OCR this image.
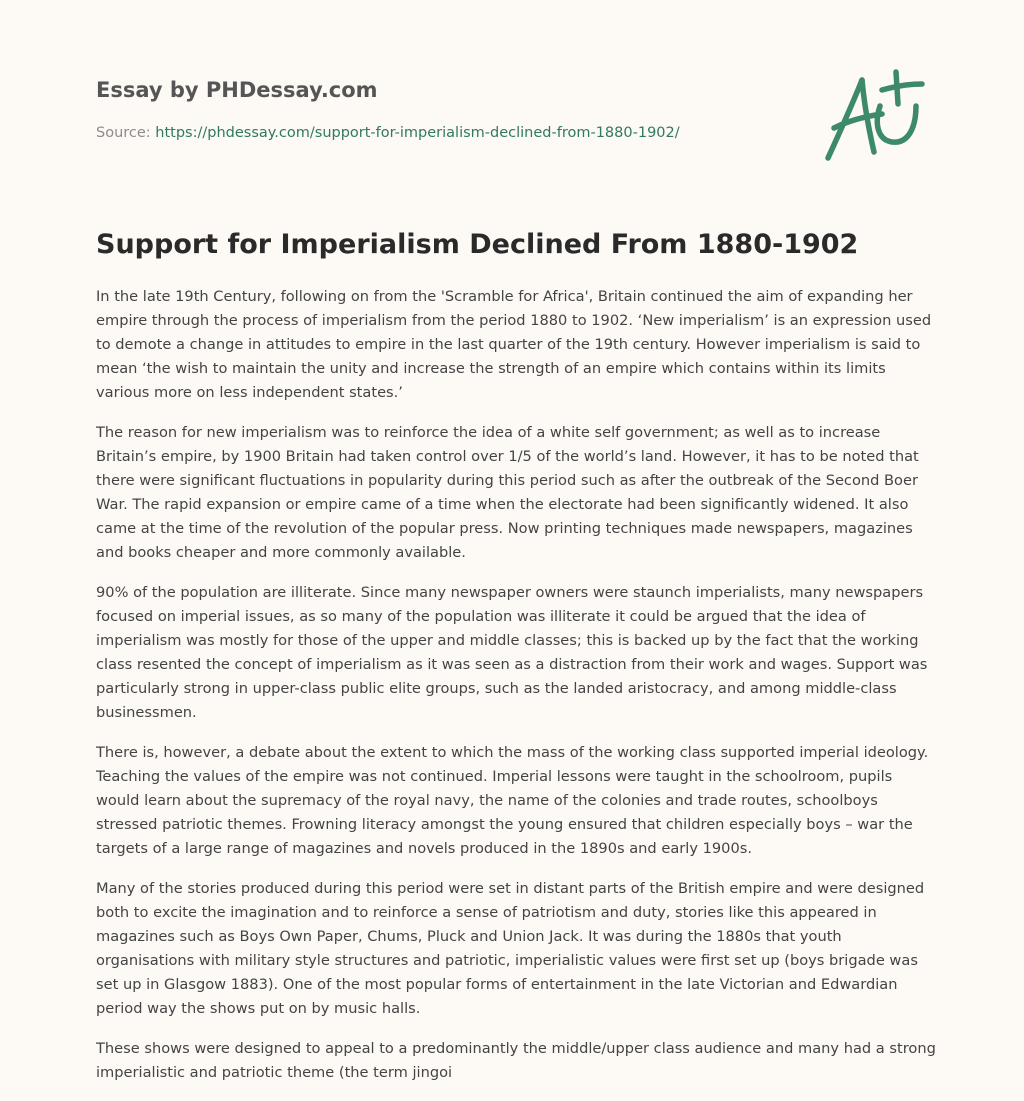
Essay by PHDessay.com
Source: https://phdessay.com/support-for-imperialism-declined-from-1880-1902/
Support for Imperialism Declined From 1880-1902

In the late 19th Century, following on from the 'Scramble for Africa', Britain continued the aim of expanding her empire through the process of imperialism from the period 1880 to 1902. ‘New imperialism’ is an expression used to demote a change in attitudes to empire in the last quarter of the 19th century. However imperialism is said to mean ‘the wish to maintain the unity and increase the strength of an empire which contains within its limits various more on less independent states.’

The reason for new imperialism was to reinforce the idea of a white self government; as well as to increase Britain’s empire, by 1900 Britain had taken control over 1/5 of the world’s land. However, it has to be noted that there were significant fluctuations in popularity during this period such as after the outbreak of the Second Boer War. The rapid expansion or empire came of a time when the electorate had been significantly widened. It also came at the time of the revolution of the popular press. Now printing techniques made newspapers, magazines and books cheaper and more commonly available.

90% of the population are illiterate. Since many newspaper owners were staunch imperialists, many newspapers focused on imperial issues, as so many of the population was illiterate it could be argued that the idea of imperialism was mostly for those of the upper and middle classes; this is backed up by the fact that the working class resented the concept of imperialism as it was seen as a distraction from their work and wages. Support was particularly strong in upper-class public elite groups, such as the landed aristocracy, and among middle-class businessmen.

There is, however, a debate about the extent to which the mass of the working class supported imperial ideology. Teaching the values of the empire was not continued. Imperial lessons were taught in the schoolroom, pupils would learn about the supremacy of the royal navy, the name of the colonies and trade routes, schoolboys stressed patriotic themes. Frowning literacy amongst the young ensured that children especially boys – war the targets of a large range of magazines and novels produced in the 1890s and early 1900s.

Many of the stories produced during this period were set in distant parts of the British empire and were designed both to excite the imagination and to reinforce a sense of patriotism and duty, stories like this appeared in magazines such as Boys Own Paper, Chums, Pluck and Union Jack. It was during the 1880s that youth organisations with military style structures and patriotic, imperialistic values were first set up (boys brigade was set up in Glasgow 1883). One of the most popular forms of entertainment in the late Victorian and Edwardian period way the shows put on by music halls.

These shows were designed to appeal to a predominantly the middle/upper class audience and many had a strong imperialistic and patriotic theme (the term jingoi
